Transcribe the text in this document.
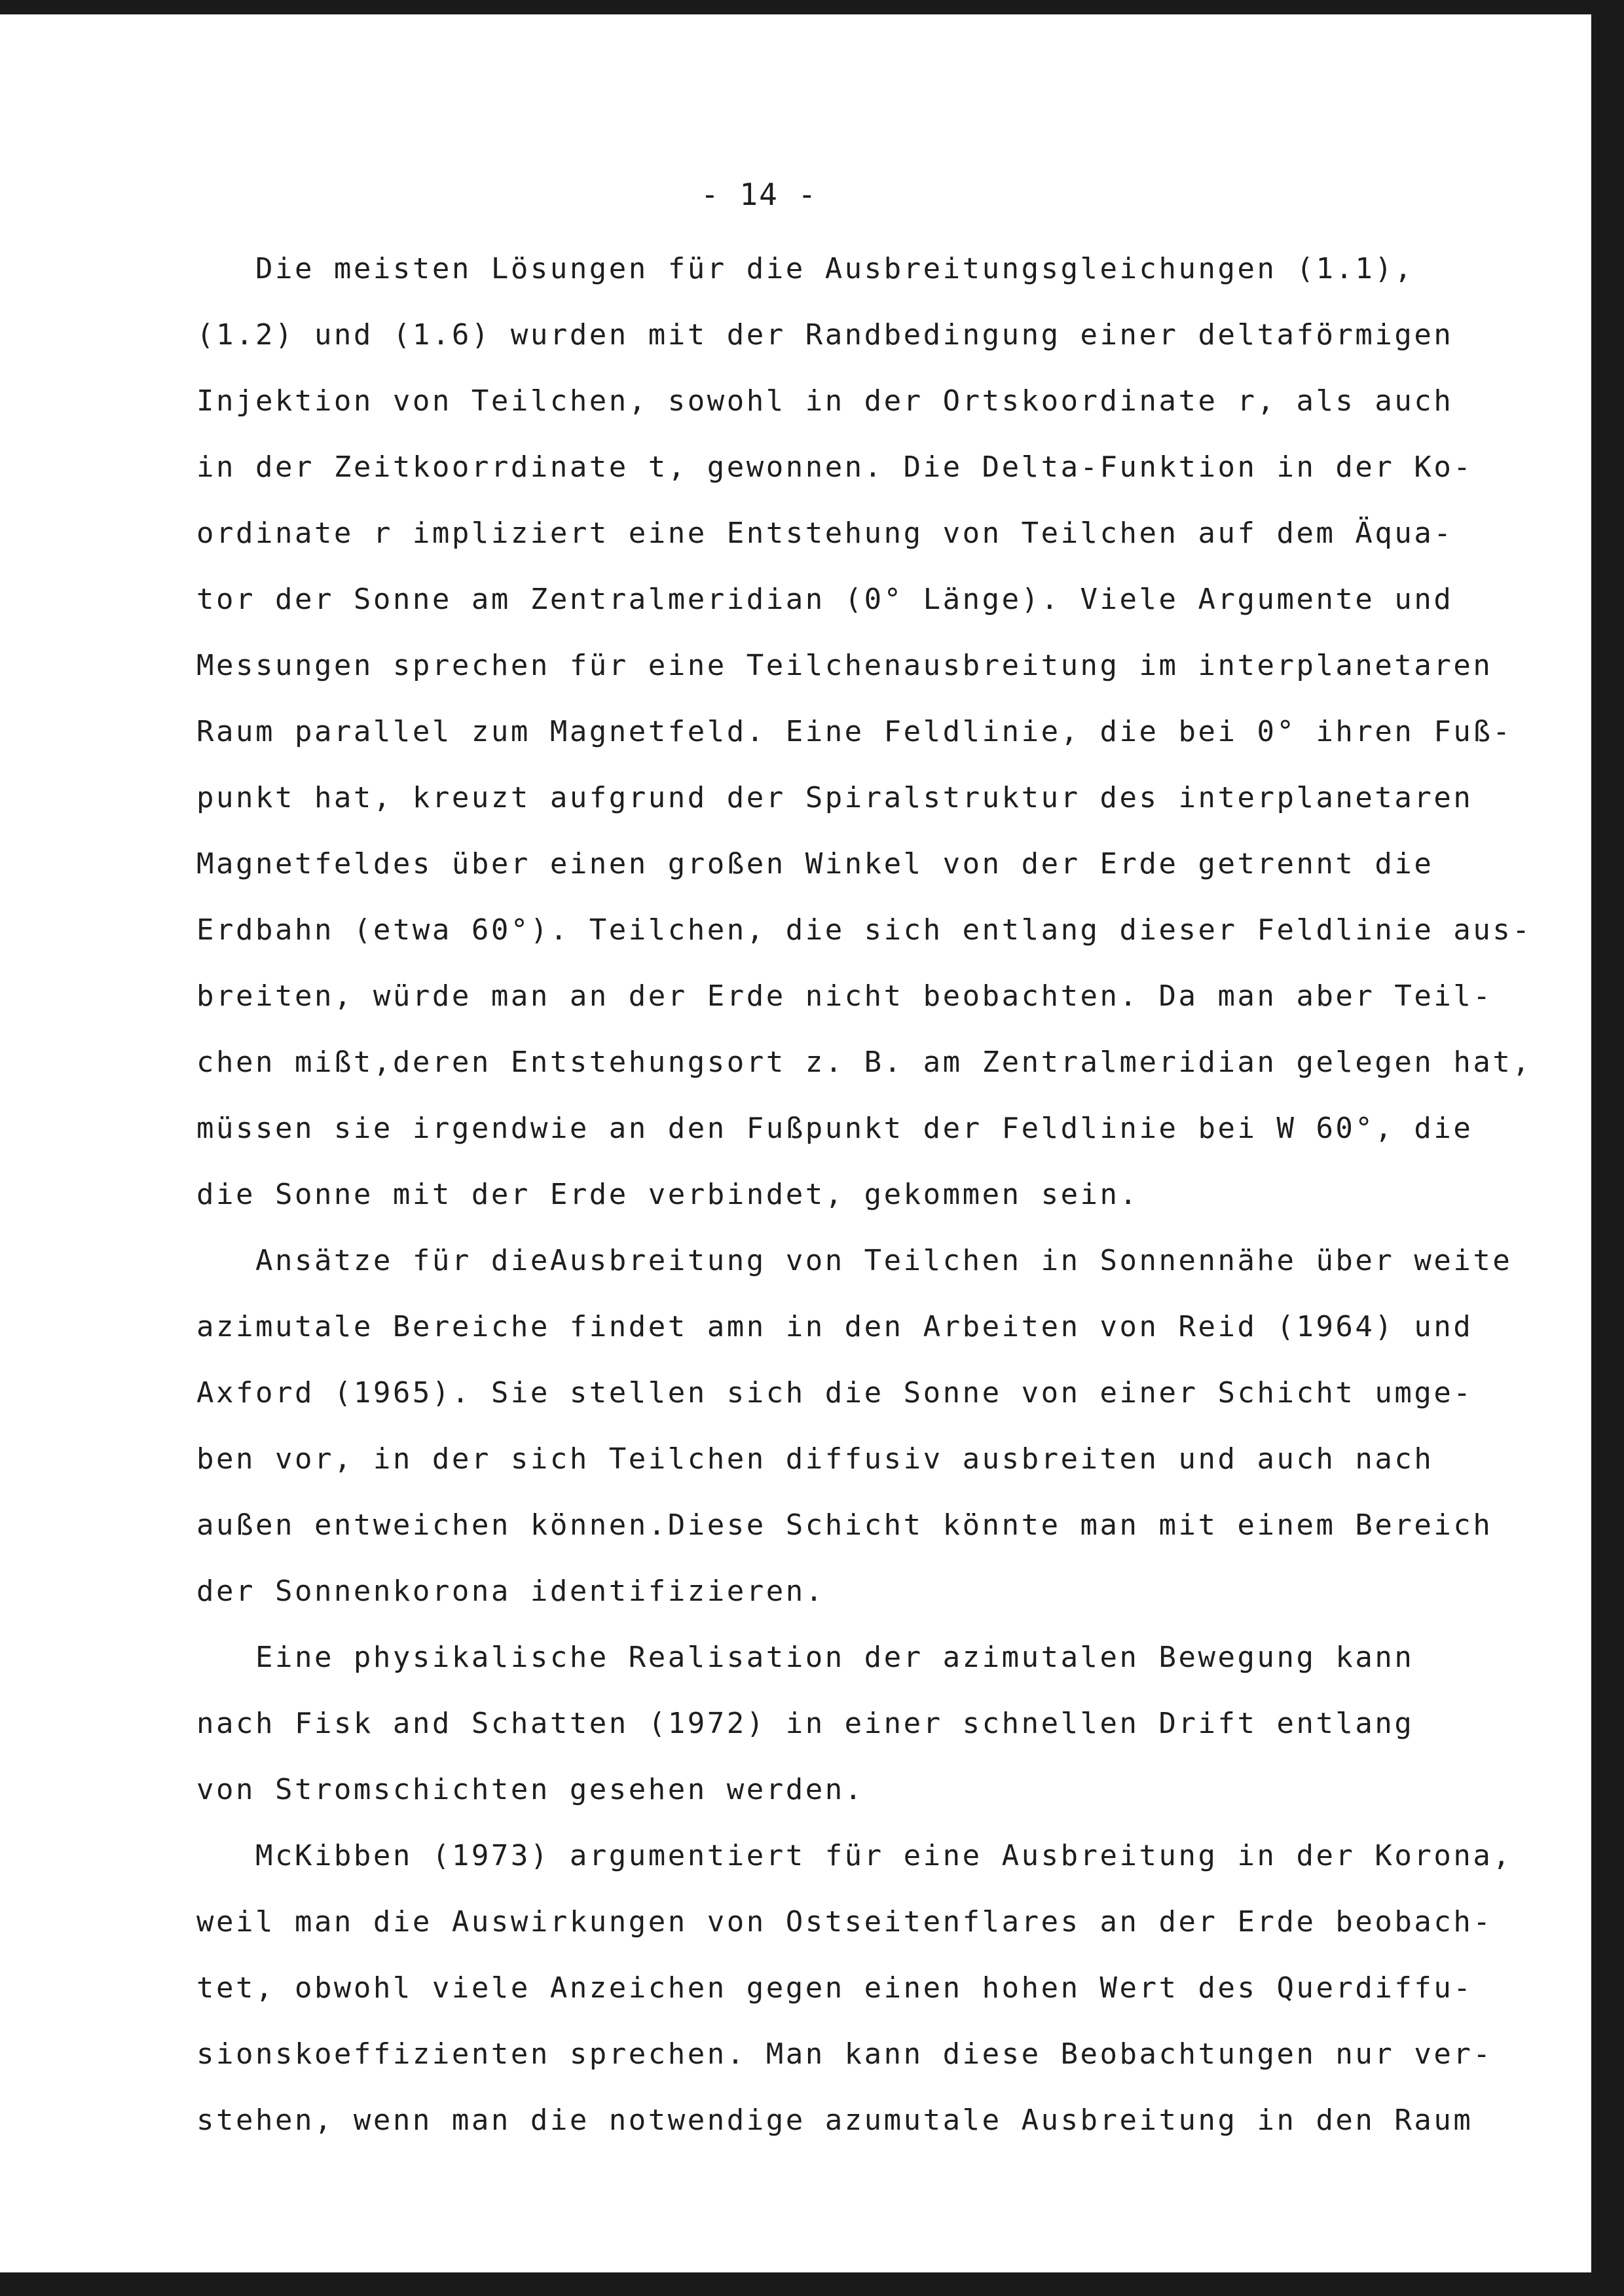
- 14 -
Die meisten Lösungen für die Ausbreitungsgleichungen (1.1),
(1.2) und (1.6) wurden mit der Randbedingung einer deltaförmigen
Injektion von Teilchen, sowohl in der Ortskoordinate r, als auch
in der Zeitkoorrdinate t, gewonnen. Die Delta-Funktion in der Ko-
ordinate r impliziert eine Entstehung von Teilchen auf dem Äqua-
tor der Sonne am Zentralmeridian (0° Länge). Viele Argumente und
Messungen sprechen für eine Teilchenausbreitung im interplanetaren
Raum parallel zum Magnetfeld. Eine Feldlinie, die bei 0° ihren Fuß-
punkt hat, kreuzt aufgrund der Spiralstruktur des interplanetaren
Magnetfeldes über einen großen Winkel von der Erde getrennt die
Erdbahn (etwa 60°). Teilchen, die sich entlang dieser Feldlinie aus-
breiten, würde man an der Erde nicht beobachten. Da man aber Teil-
chen mißt,deren Entstehungsort z. B. am Zentralmeridian gelegen hat,
müssen sie irgendwie an den Fußpunkt der Feldlinie bei W 60°, die
die Sonne mit der Erde verbindet, gekommen sein.
Ansätze für dieAusbreitung von Teilchen in Sonnennähe über weite
azimutale Bereiche findet amn in den Arbeiten von Reid (1964) und
Axford (1965). Sie stellen sich die Sonne von einer Schicht umge-
ben vor, in der sich Teilchen diffusiv ausbreiten und auch nach
außen entweichen können.Diese Schicht könnte man mit einem Bereich
der Sonnenkorona identifizieren.
Eine physikalische Realisation der azimutalen Bewegung kann
nach Fisk and Schatten (1972) in einer schnellen Drift entlang
von Stromschichten gesehen werden.
McKibben (1973) argumentiert für eine Ausbreitung in der Korona,
weil man die Auswirkungen von Ostseitenflares an der Erde beobach-
tet, obwohl viele Anzeichen gegen einen hohen Wert des Querdiffu-
sionskoeffizienten sprechen. Man kann diese Beobachtungen nur ver-
stehen, wenn man die notwendige azumutale Ausbreitung in den Raum
